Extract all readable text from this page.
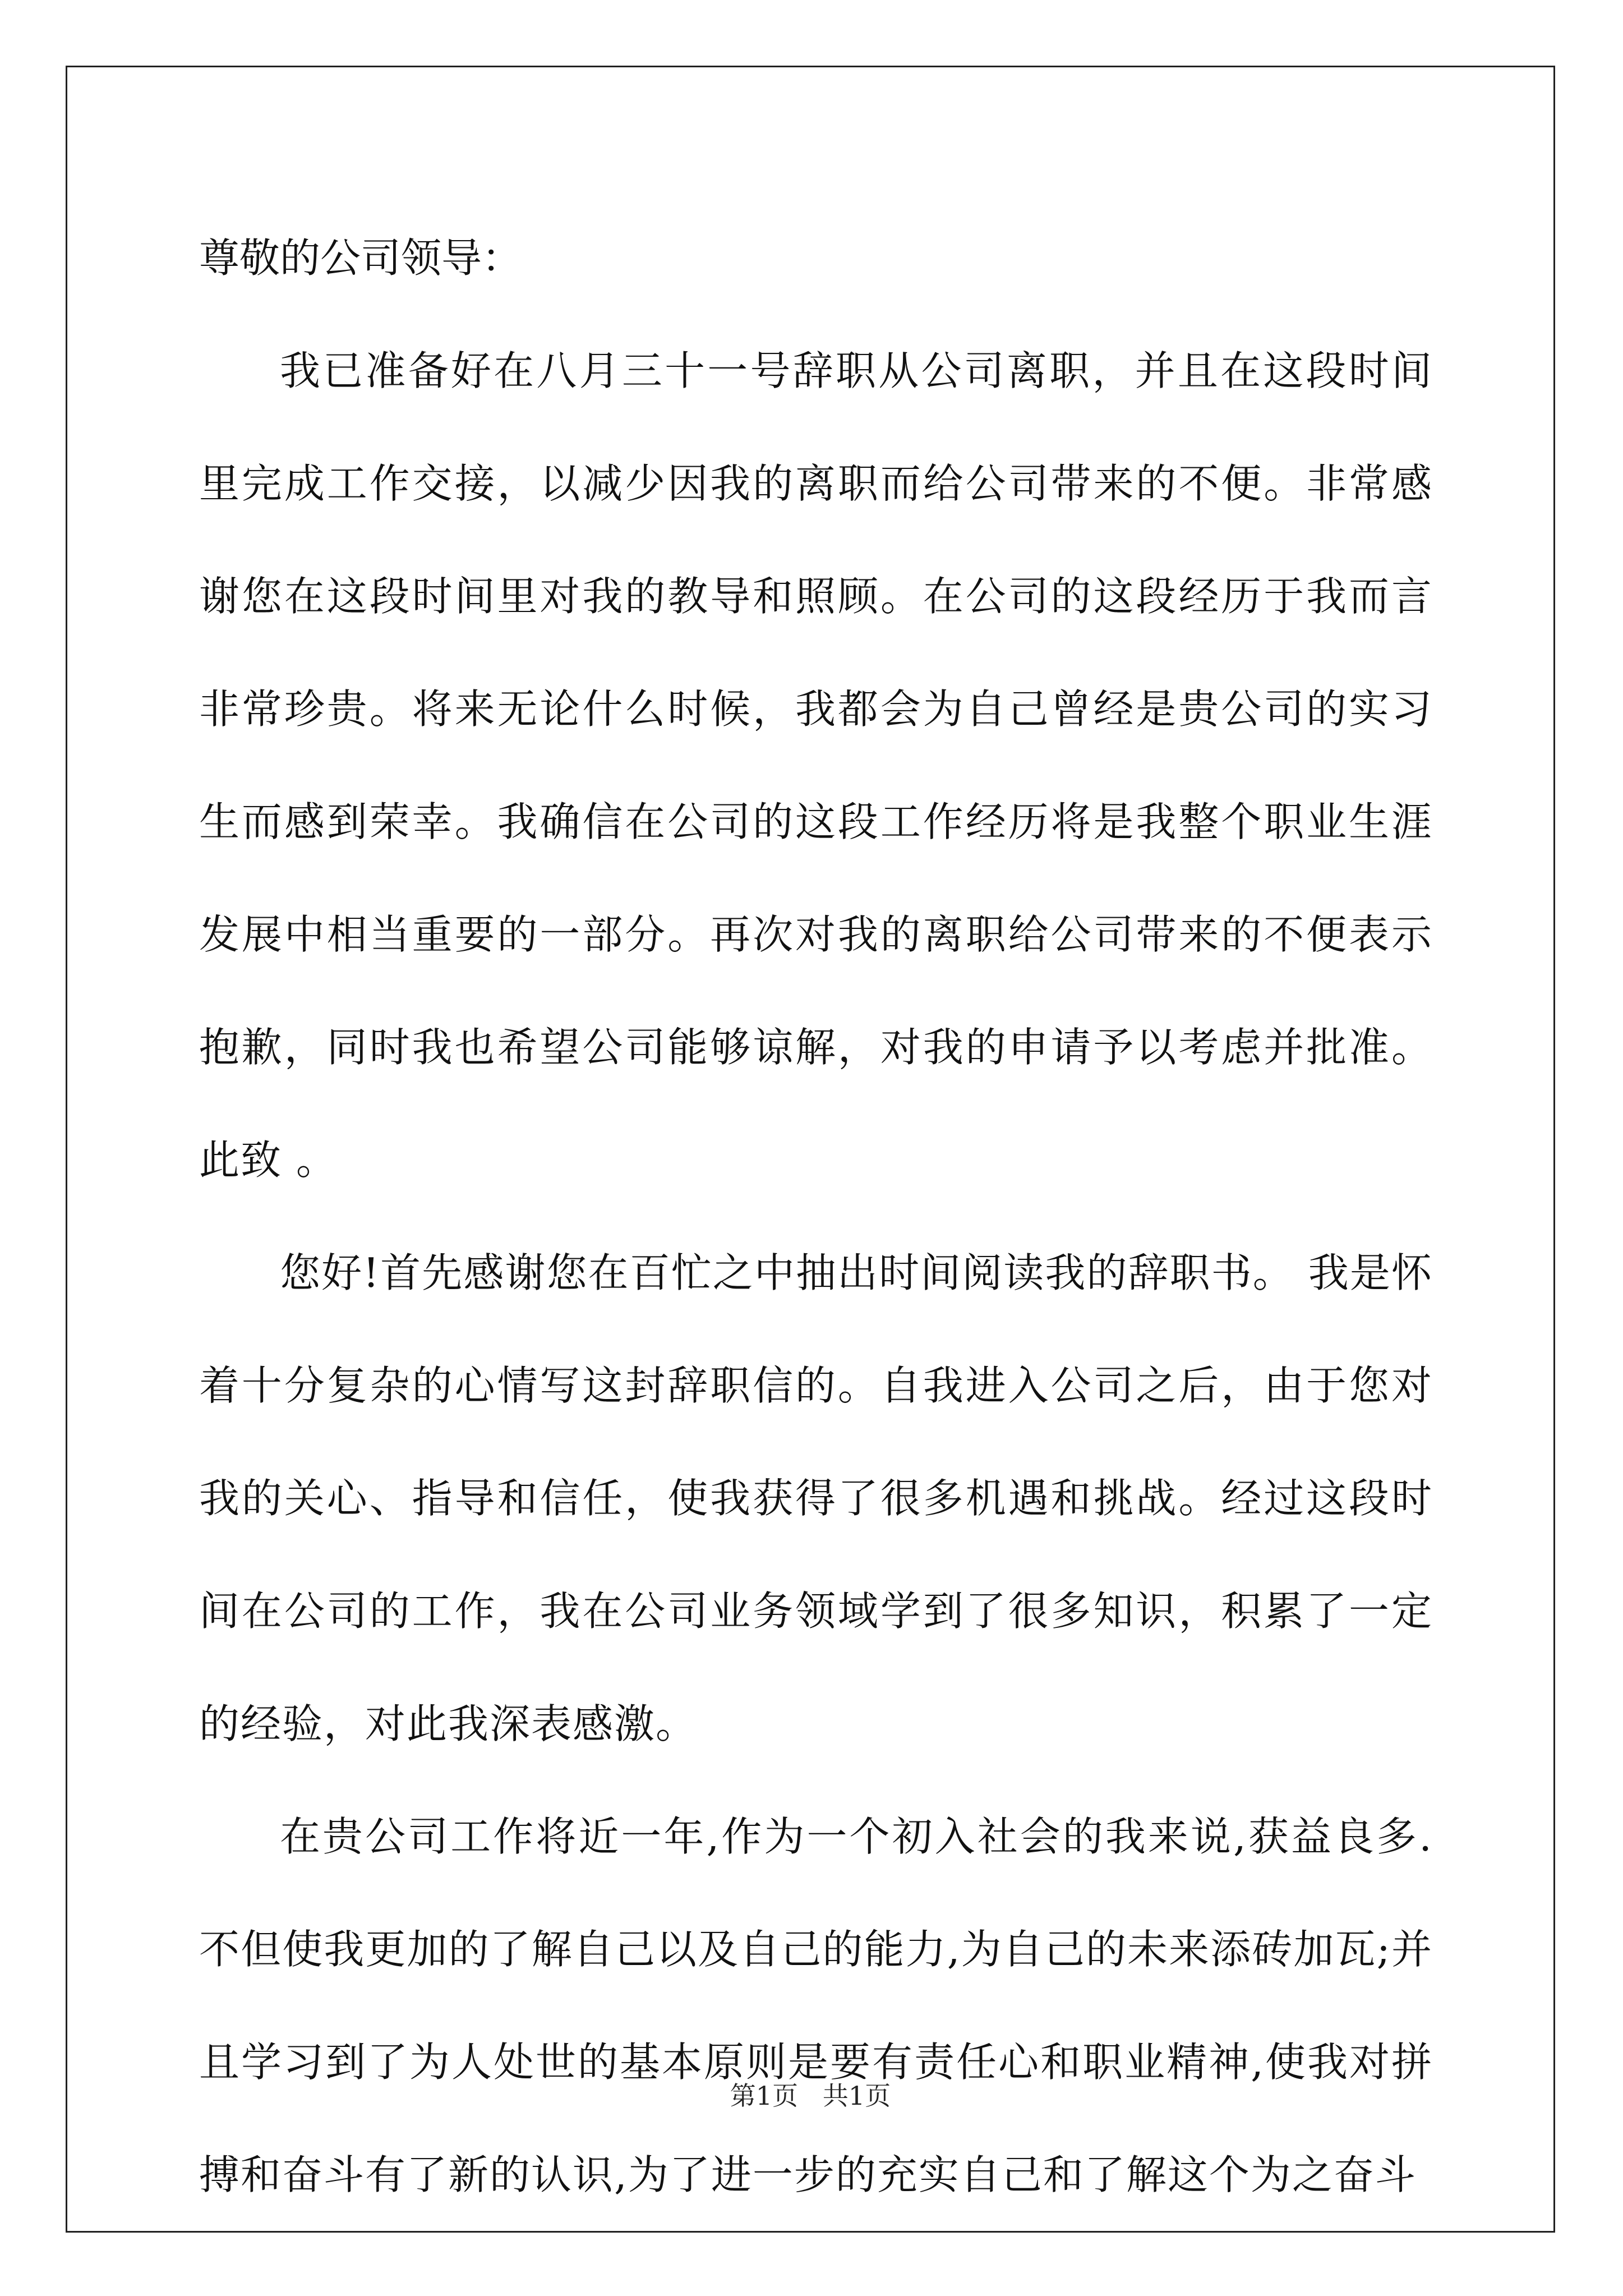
尊敬的公司领导：

我已准备好在八月三十一号辞职从公司离职，并且在这段时间里完成工作交接，以减少因我的离职而给公司带来的不便。非常感谢您在这段时间里对我的教导和照顾。在公司的这段经历于我而言非常珍贵。将来无论什么时候，我都会为自己曾经是贵公司的实习生而感到荣幸。我确信在公司的这段工作经历将是我整个职业生涯发展中相当重要的一部分。再次对我的离职给公司带来的不便表示抱歉，同时我也希望公司能够谅解，对我的申请予以考虑并批准。此致 。

您好!首先感谢您在百忙之中抽出时间阅读我的辞职书。 我是怀着十分复杂的心情写这封辞职信的。自我进入公司之后，由于您对我的关心、指导和信任，使我获得了很多机遇和挑战。经过这段时间在公司的工作，我在公司业务领域学到了很多知识，积累了一定的经验，对此我深表感激。

在贵公司工作将近一年,作为一个初入社会的我来说,获益良多.不但使我更加的了解自己以及自己的能力,为自己的未来添砖加瓦;并且学习到了为人处世的基本原则是要有责任心和职业精神,使我对拼搏和奋斗有了新的认识,为了进一步的充实自己和了解这个为之奋斗

第1页   共1页
